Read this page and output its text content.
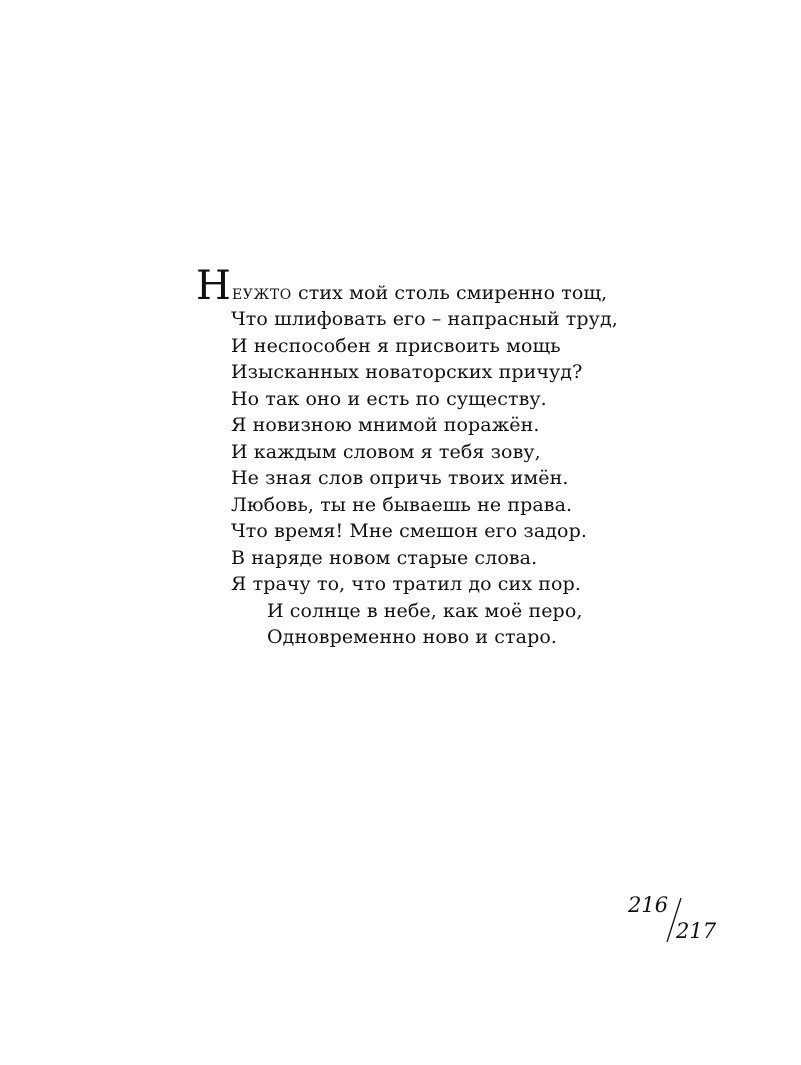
НЕУЖТО стих мой столь смиренно тощ,
Что шлифовать его – напрасный труд,
И неспособен я присвоить мощь
Изысканных новаторских причуд?
Но так оно и есть по существу.
Я новизною мнимой поражён.
И каждым словом я тебя зову,
Не зная слов опричь твоих имён.
Любовь, ты не бываешь не права.
Что время! Мне смешон его задор.
В наряде новом старые слова.
Я трачу то, что тратил до сих пор.
И солнце в небе, как моё перо,
Одновременно ново и старо.
216
217
